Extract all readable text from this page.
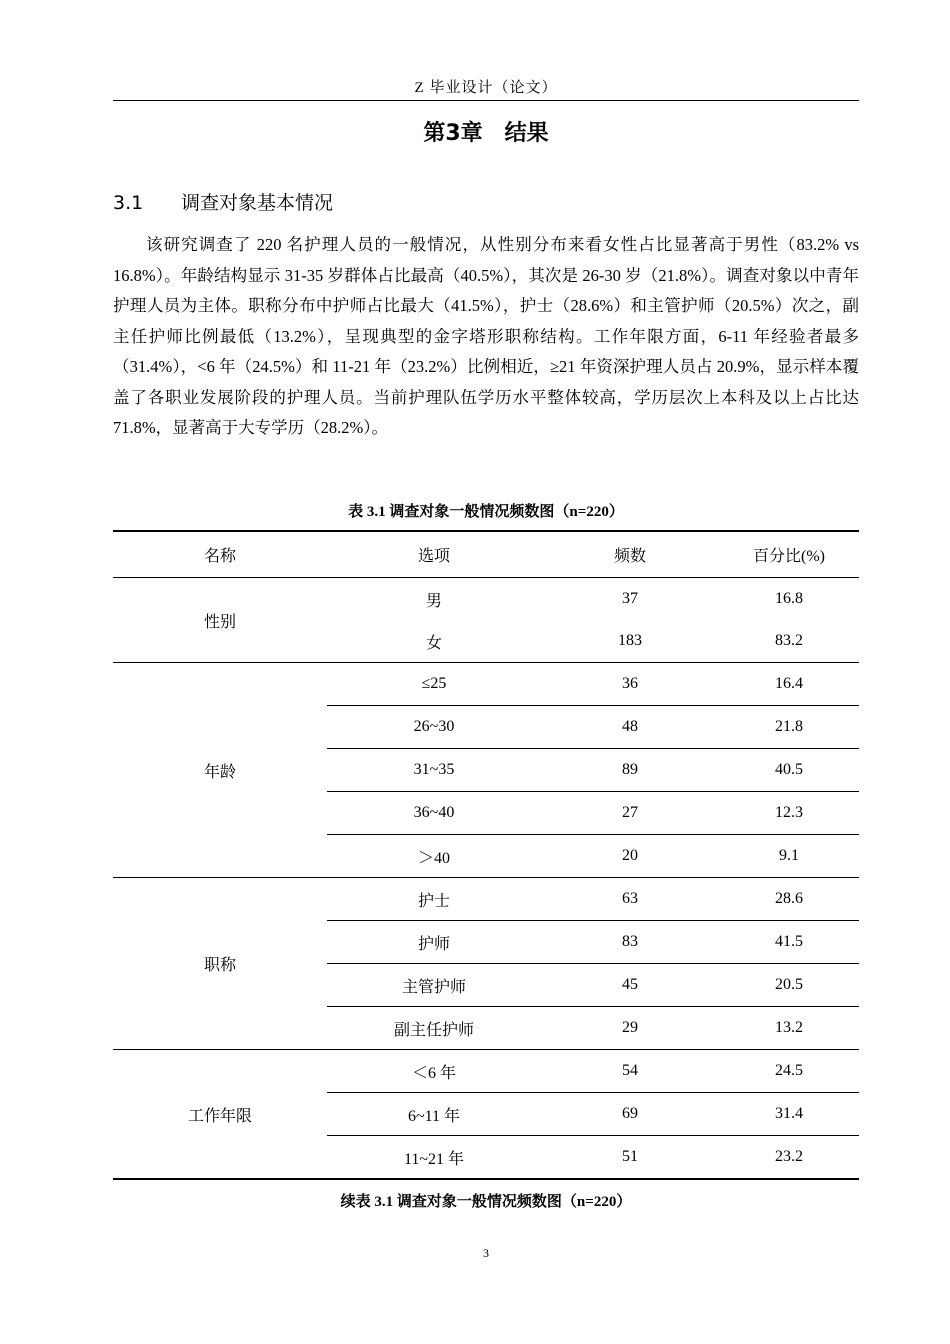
Z 毕业设计（论文）
第3章 结果
3.1 调查对象基本情况

该研究调查了 220 名护理人员的一般情况，从性别分布来看女性占比显著高于男性（83.2% vs 16.8%）。年龄结构显示 31-35 岁群体占比最高（40.5%），其次是 26-30 岁（21.8%）。调查对象以中青年护理人员为主体。职称分布中护师占比最大（41.5%），护士（28.6%）和主管护师（20.5%）次之，副主任护师比例最低（13.2%），呈现典型的金字塔形职称结构。工作年限方面，6-11 年经验者最多（31.4%），<6 年（24.5%）和 11-21 年（23.2%）比例相近，≥21 年资深护理人员占 20.9%，显示样本覆盖了各职业发展阶段的护理人员。当前护理队伍学历水平整体较高，学历层次上本科及以上占比达 71.8%，显著高于大专学历（28.2%）。

表 3.1 调查对象一般情况频数图（n=220）
名称	选项	频数	百分比(%)
性别	男	37	16.8
	女	183	83.2
年龄	≤25	36	16.4
	26~30	48	21.8
	31~35	89	40.5
	36~40	27	12.3
	＞40	20	9.1
职称	护士	63	28.6
	护师	83	41.5
	主管护师	45	20.5
	副主任护师	29	13.2
工作年限	＜6 年	54	24.5
	6~11 年	69	31.4
	11~21 年	51	23.2
续表 3.1 调查对象一般情况频数图（n=220）
3
